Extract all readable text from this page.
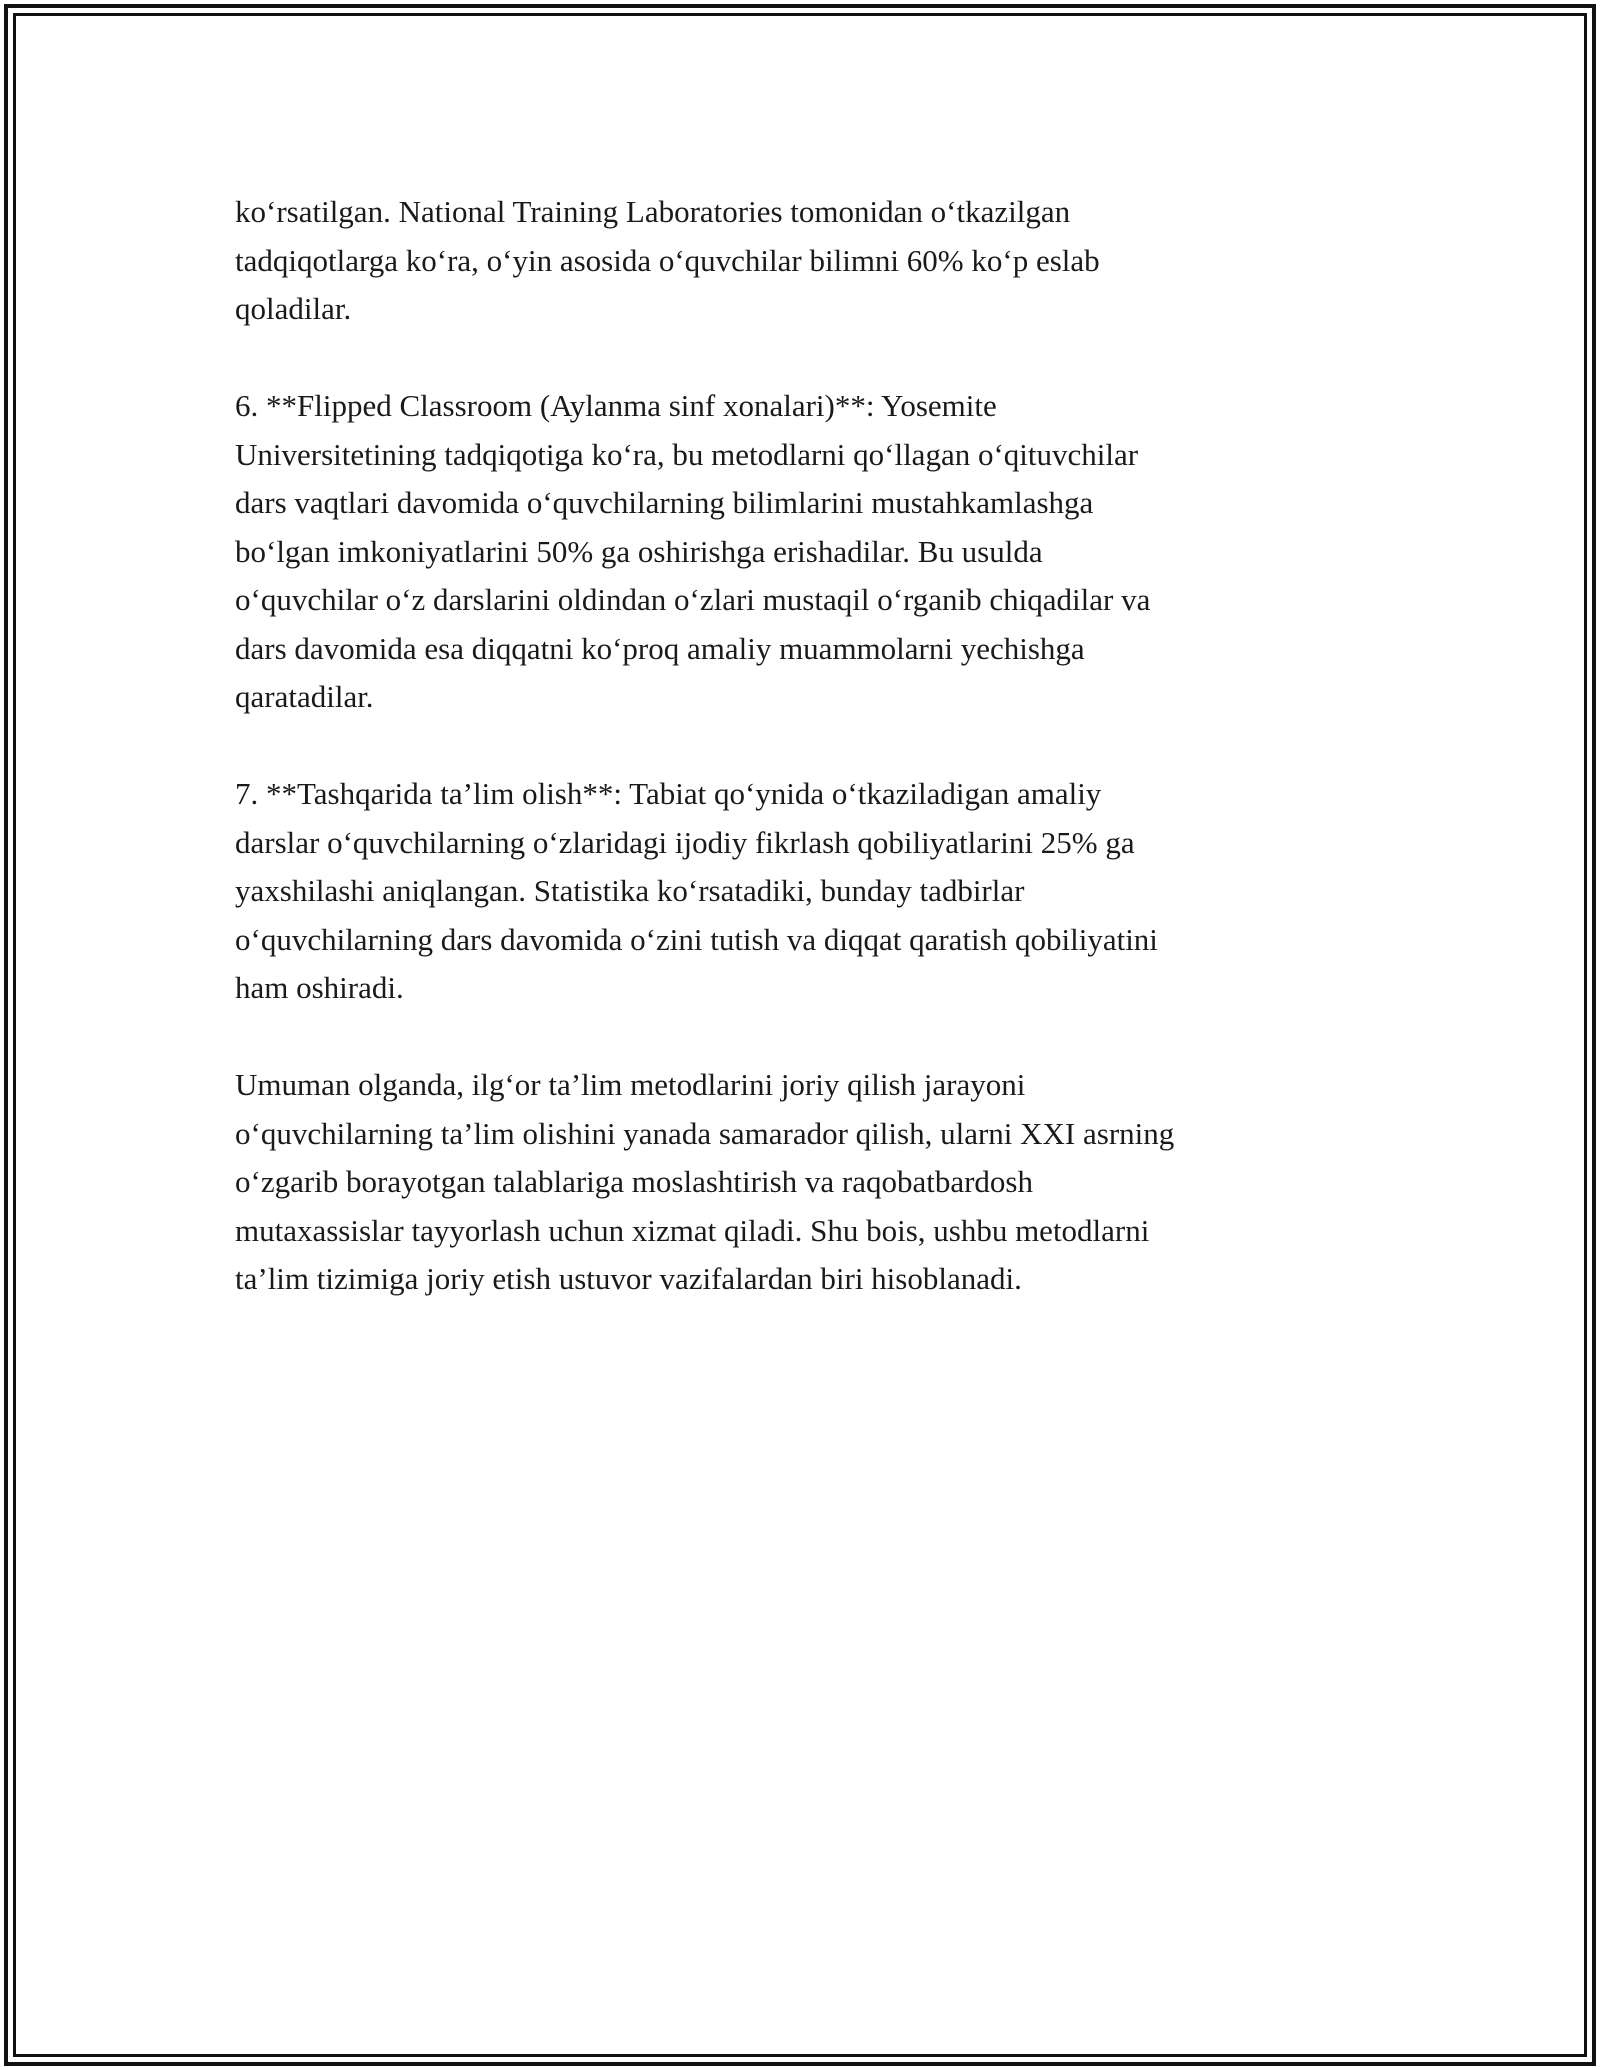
koʻrsatilgan. National Training Laboratories tomonidan oʻtkazilgan
tadqiqotlarga koʻra, oʻyin asosida oʻquvchilar bilimni 60% koʻp eslab
qoladilar.

6. **Flipped Classroom (Aylanma sinf xonalari)**: Yosemite
Universitetining tadqiqotiga koʻra, bu metodlarni qoʻllagan oʻqituvchilar
dars vaqtlari davomida oʻquvchilarning bilimlarini mustahkamlashga
boʻlgan imkoniyatlarini 50% ga oshirishga erishadilar. Bu usulda
oʻquvchilar oʻz darslarini oldindan oʻzlari mustaqil oʻrganib chiqadilar va
dars davomida esa diqqatni koʻproq amaliy muammolarni yechishga
qaratadilar.

7. **Tashqarida ta’lim olish**: Tabiat qoʻynida oʻtkaziladigan amaliy
darslar oʻquvchilarning oʻzlaridagi ijodiy fikrlash qobiliyatlarini 25% ga
yaxshilashi aniqlangan. Statistika koʻrsatadiki, bunday tadbirlar
oʻquvchilarning dars davomida oʻzini tutish va diqqat qaratish qobiliyatini
ham oshiradi.

Umuman olganda, ilgʻor ta’lim metodlarini joriy qilish jarayoni
oʻquvchilarning ta’lim olishini yanada samarador qilish, ularni XXI asrning
oʻzgarib borayotgan talablariga moslashtirish va raqobatbardosh
mutaxassislar tayyorlash uchun xizmat qiladi. Shu bois, ushbu metodlarni
ta’lim tizimiga joriy etish ustuvor vazifalardan biri hisoblanadi.
